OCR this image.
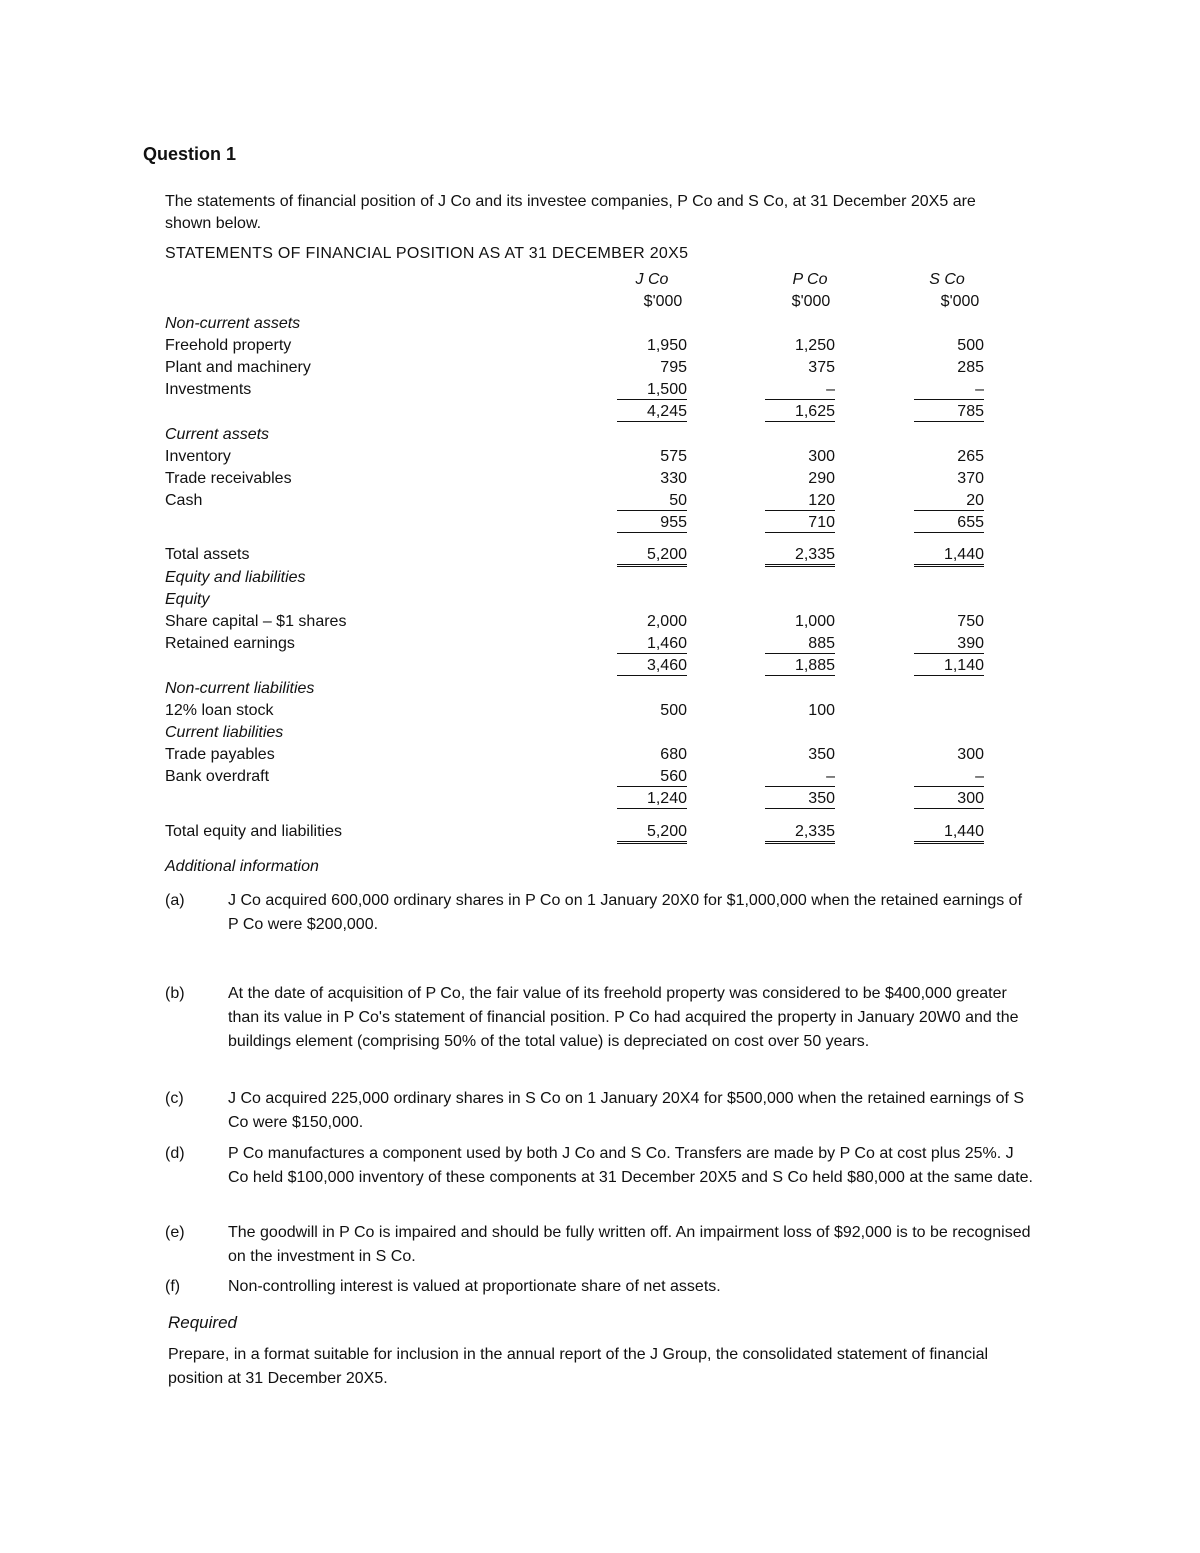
Question 1
The statements of financial position of J Co and its investee companies, P Co and S Co, at 31 December 20X5 are shown below.
STATEMENTS OF FINANCIAL POSITION AS AT 31 DECEMBER 20X5
J Co	P Co	S Co
$'000	$'000	$'000
Non-current assets
Freehold property	1,950	1,250	500
Plant and machinery	795	375	285
Investments	1,500	–	–
4,245	1,625	785
Current assets
Inventory	575	300	265
Trade receivables	330	290	370
Cash	50	120	20
955	710	655
Total assets	5,200	2,335	1,440
Equity and liabilities
Equity
Share capital – $1 shares	2,000	1,000	750
Retained earnings	1,460	885	390
3,460	1,885	1,140
Non-current liabilities
12% loan stock	500	100
Current liabilities
Trade payables	680	350	300
Bank overdraft	560	–	–
1,240	350	300
Total equity and liabilities	5,200	2,335	1,440
Additional information
(a)	J Co acquired 600,000 ordinary shares in P Co on 1 January 20X0 for $1,000,000 when the retained earnings of P Co were $200,000.
(b)	At the date of acquisition of P Co, the fair value of its freehold property was considered to be $400,000 greater than its value in P Co's statement of financial position. P Co had acquired the property in January 20W0 and the buildings element (comprising 50% of the total value) is depreciated on cost over 50 years.
(c)	J Co acquired 225,000 ordinary shares in S Co on 1 January 20X4 for $500,000 when the retained earnings of S Co were $150,000.
(d)	P Co manufactures a component used by both J Co and S Co. Transfers are made by P Co at cost plus 25%. J Co held $100,000 inventory of these components at 31 December 20X5 and S Co held $80,000 at the same date.
(e)	The goodwill in P Co is impaired and should be fully written off. An impairment loss of $92,000 is to be recognised on the investment in S Co.
(f)	Non-controlling interest is valued at proportionate share of net assets.
Required
Prepare, in a format suitable for inclusion in the annual report of the J Group, the consolidated statement of financial position at 31 December 20X5.
